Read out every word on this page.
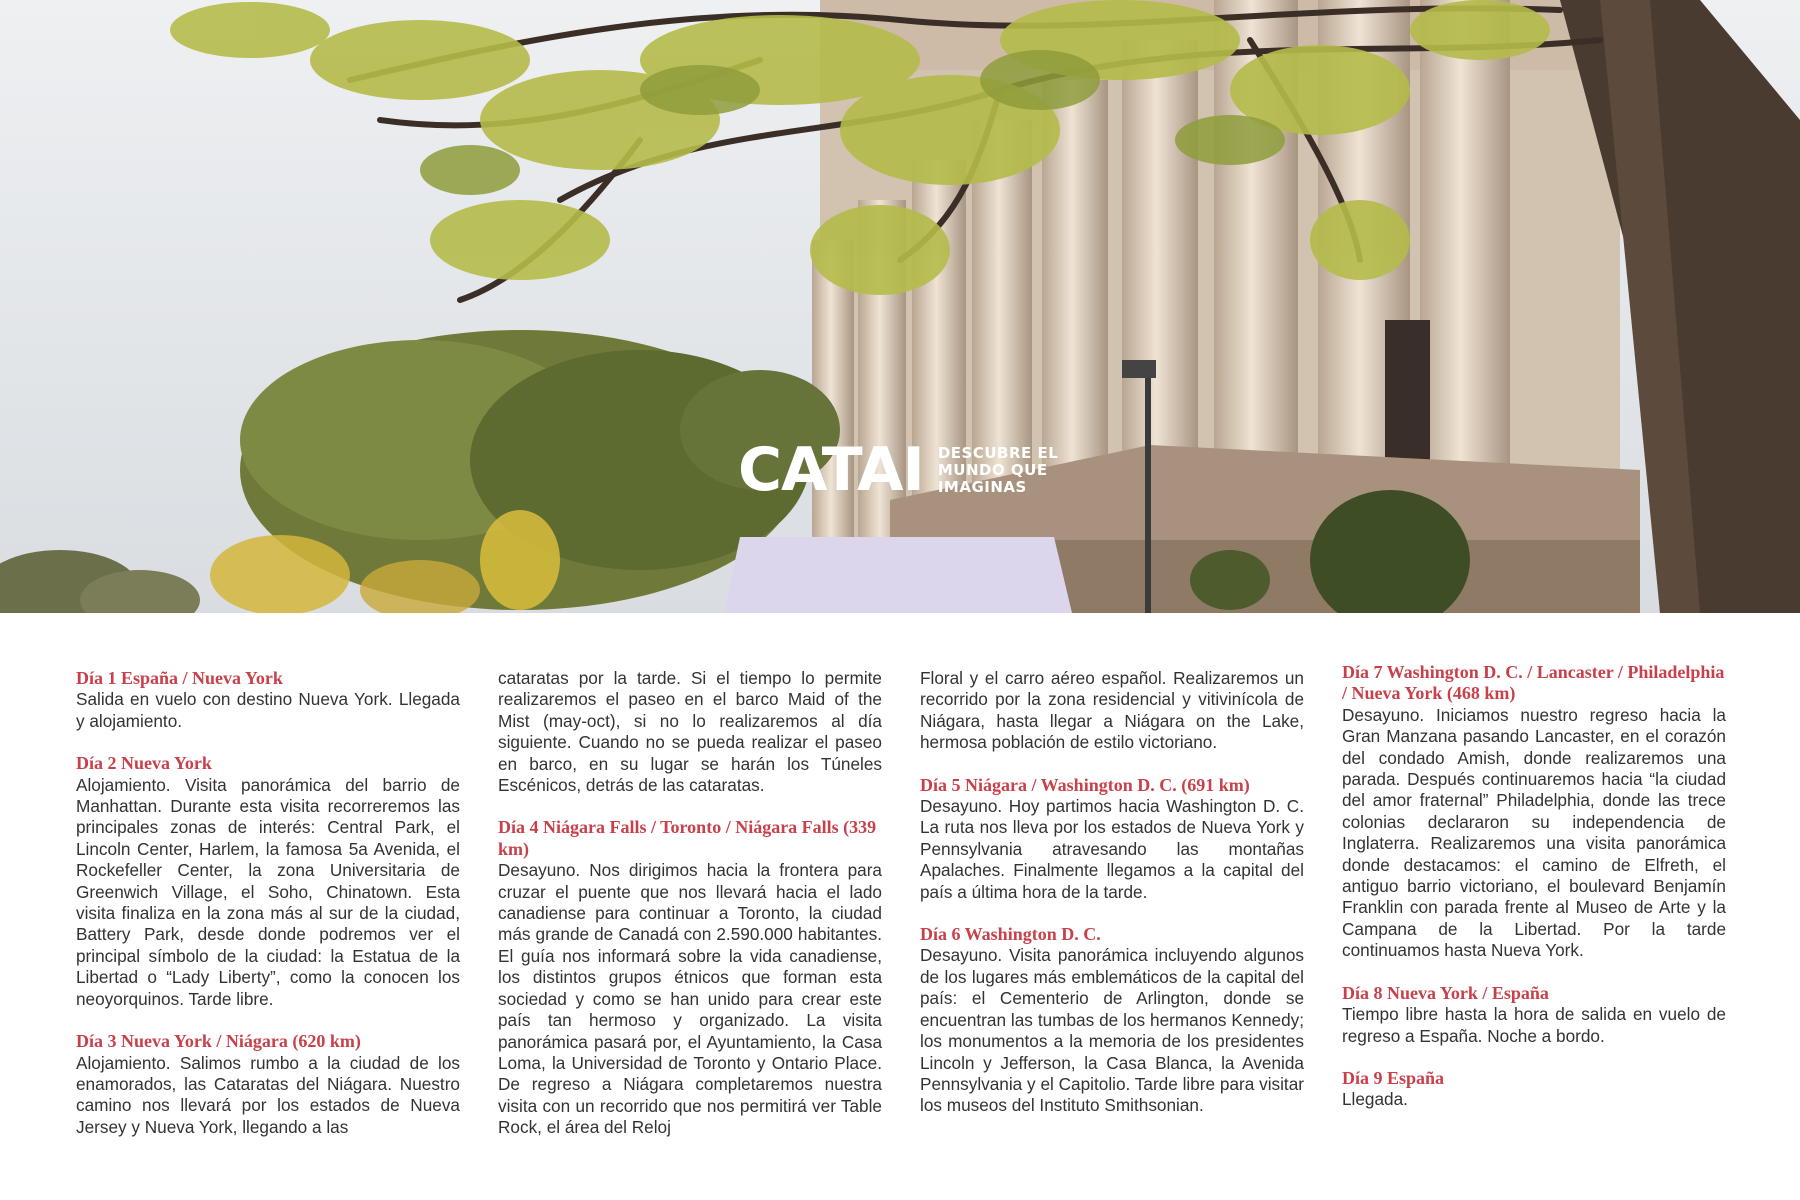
CATAI DESCUBRE EL
MUNDO QUE
IMAGINAS
Día 1 España / Nueva York
Salida en vuelo con destino Nueva York. Llegada y alojamiento.
Día 2 Nueva York
Alojamiento. Visita panorámica del barrio de Manhattan. Durante esta visita recorreremos las principales zonas de interés: Central Park, el Lincoln Center, Harlem, la famosa 5a Avenida, el Rockefeller Center, la zona Universitaria de Greenwich Village, el Soho, Chinatown. Esta visita finaliza en la zona más al sur de la ciudad, Battery Park, desde donde podremos ver el principal símbolo de la ciudad: la Estatua de la Libertad o “Lady Liberty”, como la conocen los neoyorquinos. Tarde libre.
Día 3 Nueva York / Niágara (620 km)
Alojamiento. Salimos rumbo a la ciudad de los enamorados, las Cataratas del Niágara. Nuestro camino nos llevará por los estados de Nueva Jersey y Nueva York, llegando a las
cataratas por la tarde. Si el tiempo lo permite realizaremos el paseo en el barco Maid of the Mist (may-oct), si no lo realizaremos al día siguiente. Cuando no se pueda realizar el paseo en barco, en su lugar se harán los Túneles Escénicos, detrás de las cataratas.
Día 4 Niágara Falls / Toronto / Niágara Falls (339 km)
Desayuno. Nos dirigimos hacia la frontera para cruzar el puente que nos llevará hacia el lado canadiense para continuar a Toronto, la ciudad más grande de Canadá con 2.590.000 habitantes. El guía nos informará sobre la vida canadiense, los distintos grupos étnicos que forman esta sociedad y como se han unido para crear este país tan hermoso y organizado. La visita panorámica pasará por, el Ayuntamiento, la Casa Loma, la Universidad de Toronto y Ontario Place. De regreso a Niágara completaremos nuestra visita con un recorrido que nos permitirá ver Table Rock, el área del Reloj
Floral y el carro aéreo español. Realizaremos un recorrido por la zona residencial y vitivinícola de Niágara, hasta llegar a Niágara on the Lake, hermosa población de estilo victoriano.
Día 5 Niágara / Washington D. C. (691 km)
Desayuno. Hoy partimos hacia Washington D. C. La ruta nos lleva por los estados de Nueva York y Pennsylvania atravesando las montañas Apalaches. Finalmente llegamos a la capital del país a última hora de la tarde.
Día 6 Washington D. C.
Desayuno. Visita panorámica incluyendo algunos de los lugares más emblemáticos de la capital del país: el Cementerio de Arlington, donde se encuentran las tumbas de los hermanos Kennedy; los monumentos a la memoria de los presidentes Lincoln y Jefferson, la Casa Blanca, la Avenida Pennsylvania y el Capitolio. Tarde libre para visitar los museos del Instituto Smithsonian.
Día 7 Washington D. C. / Lancaster / Philadelphia / Nueva York (468 km)
Desayuno. Iniciamos nuestro regreso hacia la Gran Manzana pasando Lancaster, en el corazón del condado Amish, donde realizaremos una parada. Después continuaremos hacia “la ciudad del amor fraternal” Philadelphia, donde las trece colonias declararon su independencia de Inglaterra. Realizaremos una visita panorámica donde destacamos: el camino de Elfreth, el antiguo barrio victoriano, el boulevard Benjamín Franklin con parada frente al Museo de Arte y la Campana de la Libertad. Por la tarde continuamos hasta Nueva York.
Día 8 Nueva York / España
Tiempo libre hasta la hora de salida en vuelo de regreso a España. Noche a bordo.
Día 9 España
Llegada.
